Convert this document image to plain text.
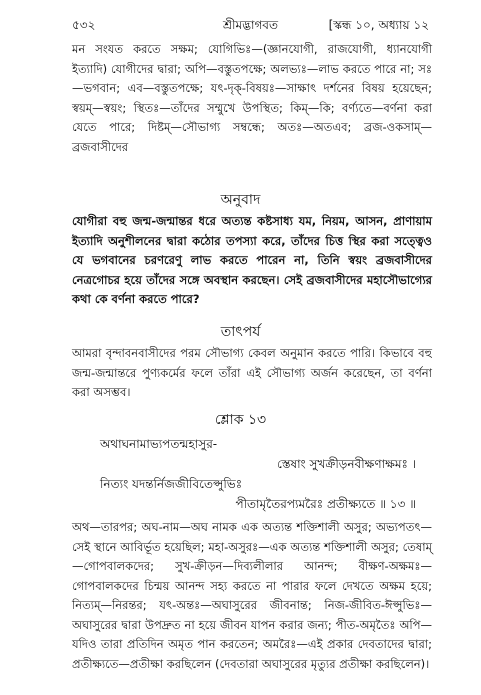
৫৩২	শ্রীমদ্ভাগবত	[স্কন্ধ ১০, অধ্যায় ১২
মন সংযত করতে সক্ষম; যোগিভিঃ—(জ্ঞানযোগী, রাজযোগী, ধ্যানযোগী ইত্যাদি) যোগীদের দ্বারা; অপি—বস্তুতপক্ষে; অলভ্যঃ—লাভ করতে পারে না; সঃ—ভগবান; এব—বস্তুতপক্ষে; যৎ-দৃক্-বিষয়ঃ—সাক্ষাৎ দর্শনের বিষয় হয়েছেন; স্বয়ম্—স্বয়ং; স্থিতঃ—তাঁদের সম্মুখে উপস্থিত; কিম্—কি; বর্ণ্যতে—বর্ণনা করা যেতে পারে; দিষ্টম্—সৌভাগ্য সম্বন্ধে; অতঃ—অতএব; ব্রজ-ওকসাম্—ব্রজবাসীদের
অনুবাদ
যোগীরা বহু জন্ম-জন্মান্তর ধরে অত্যন্ত কষ্টসাধ্য যম, নিয়ম, আসন, প্রাণায়াম ইত্যাদি অনুশীলনের দ্বারা কঠোর তপস্যা করে, তাঁদের চিত্ত স্থির করা সত্ত্বেও যে ভগবানের চরণরেণু লাভ করতে পারেন না, তিনি স্বয়ং ব্রজবাসীদের নেত্রগোচর হয়ে তাঁদের সঙ্গে অবস্থান করছেন। সেই ব্রজবাসীদের মহাসৌভাগ্যের কথা কে বর্ণনা করতে পারে?
তাৎপর্য
আমরা বৃন্দাবনবাসীদের পরম সৌভাগ্য কেবল অনুমান করতে পারি। কিভাবে বহু জন্ম-জন্মান্তরে পুণ্যকর্মের ফলে তাঁরা এই সৌভাগ্য অর্জন করেছেন, তা বর্ণনা করা অসম্ভব।
শ্লোক ১৩
অথাঘনামাভ্যপতন্মহাসুর-
স্তেষাং সুখক্রীড়নবীক্ষণাক্ষমঃ ।
নিত্যং যদন্তর্নিজজীবিতেপ্সুভিঃ
পীতামৃতৈরপ্যমরৈঃ প্রতীক্ষ্যতে ॥ ১৩ ॥
অথ—তারপর; অঘ-নাম—অঘ নামক এক অত্যন্ত শক্তিশালী অসুর; অভ্যপতৎ—সেই স্থানে আবির্ভূত হয়েছিল; মহা-অসুরঃ—এক অত্যন্ত শক্তিশালী অসুর; তেষাম্—গোপবালকদের; সুখ-ক্রীড়ন—দিব্যলীলার আনন্দ; বীক্ষণ-অক্ষমঃ—গোপবালকদের চিন্ময় আনন্দ সহ্য করতে না পারার ফলে দেখতে অক্ষম হয়ে; নিত্যম্—নিরন্তর; যৎ-অন্তঃ—অঘাসুরের জীবনান্ত; নিজ-জীবিত-ঈপ্সুভিঃ—অঘাসুরের দ্বারা উপদ্রুত না হয়ে জীবন যাপন করার জন্য; পীত-অমৃতৈঃ অপি—যদিও তারা প্রতিদিন অমৃত পান করতেন; অমরৈঃ—এই প্রকার দেবতাদের দ্বারা; প্রতীক্ষ্যতে—প্রতীক্ষা করছিলেন (দেবতারা অঘাসুরের মৃত্যুর প্রতীক্ষা করছিলেন)।
